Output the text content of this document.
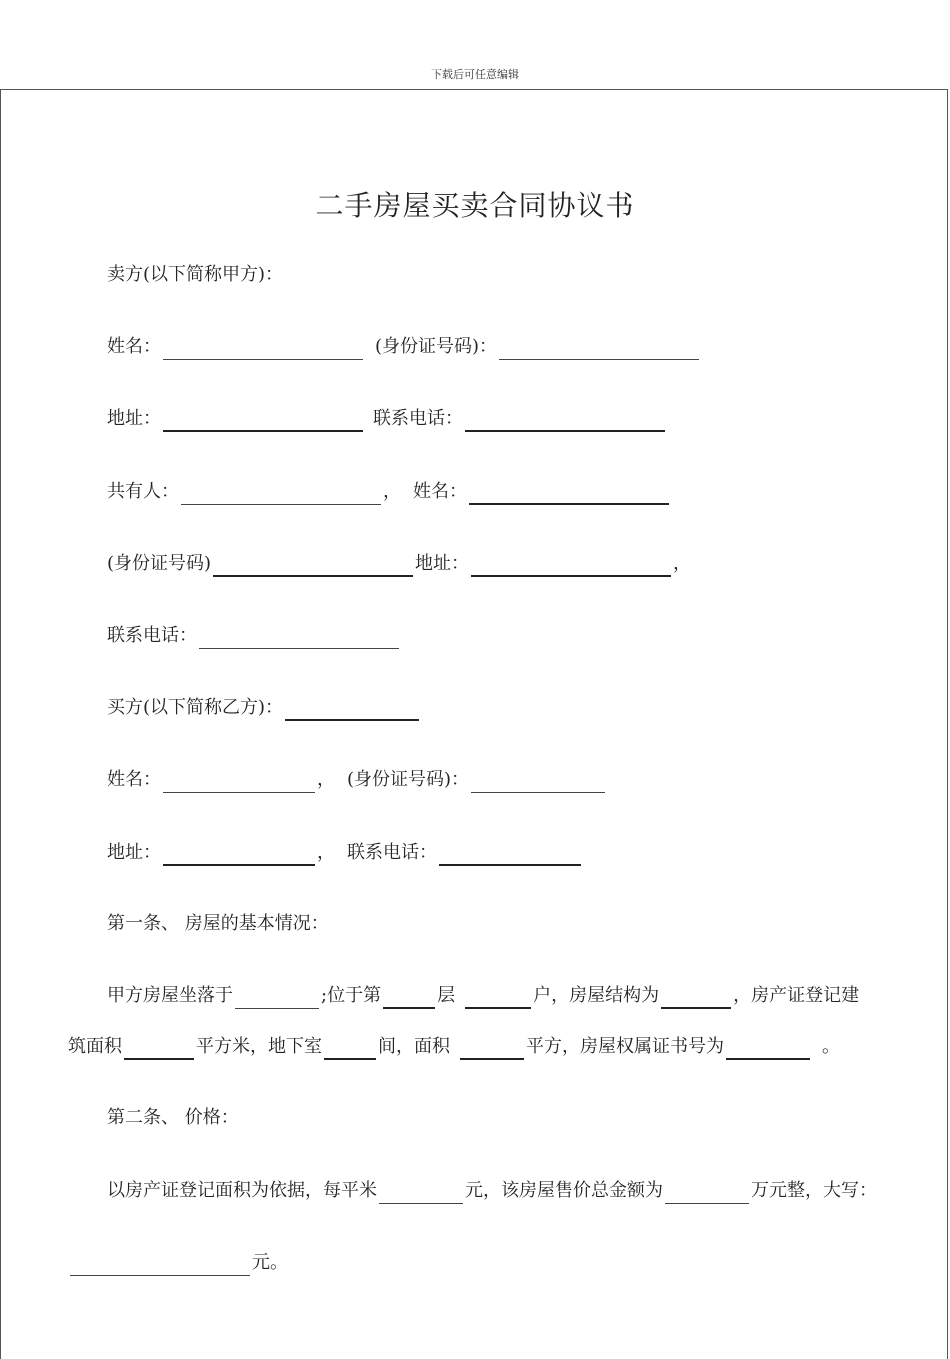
下载后可任意编辑
二手房屋买卖合同协议书
卖方(以下简称甲方)：
姓名：	(身份证号码)：
地址：	联系电话：
共有人：	， 姓名：
(身份证号码)	地址：	，
联系电话：
买方(以下简称乙方)：
姓名：	， (身份证号码)：
地址：	， 联系电话：
第一条、 房屋的基本情况：
甲方房屋坐落于	;位于第	层	户，房屋结构为	，房产证登记建
筑面积	平方米，地下室	间，面积	平方，房屋权属证书号为	。
第二条、 价格：
以房产证登记面积为依据，每平米	元，该房屋售价总金额为	万元整，大写：
元。
